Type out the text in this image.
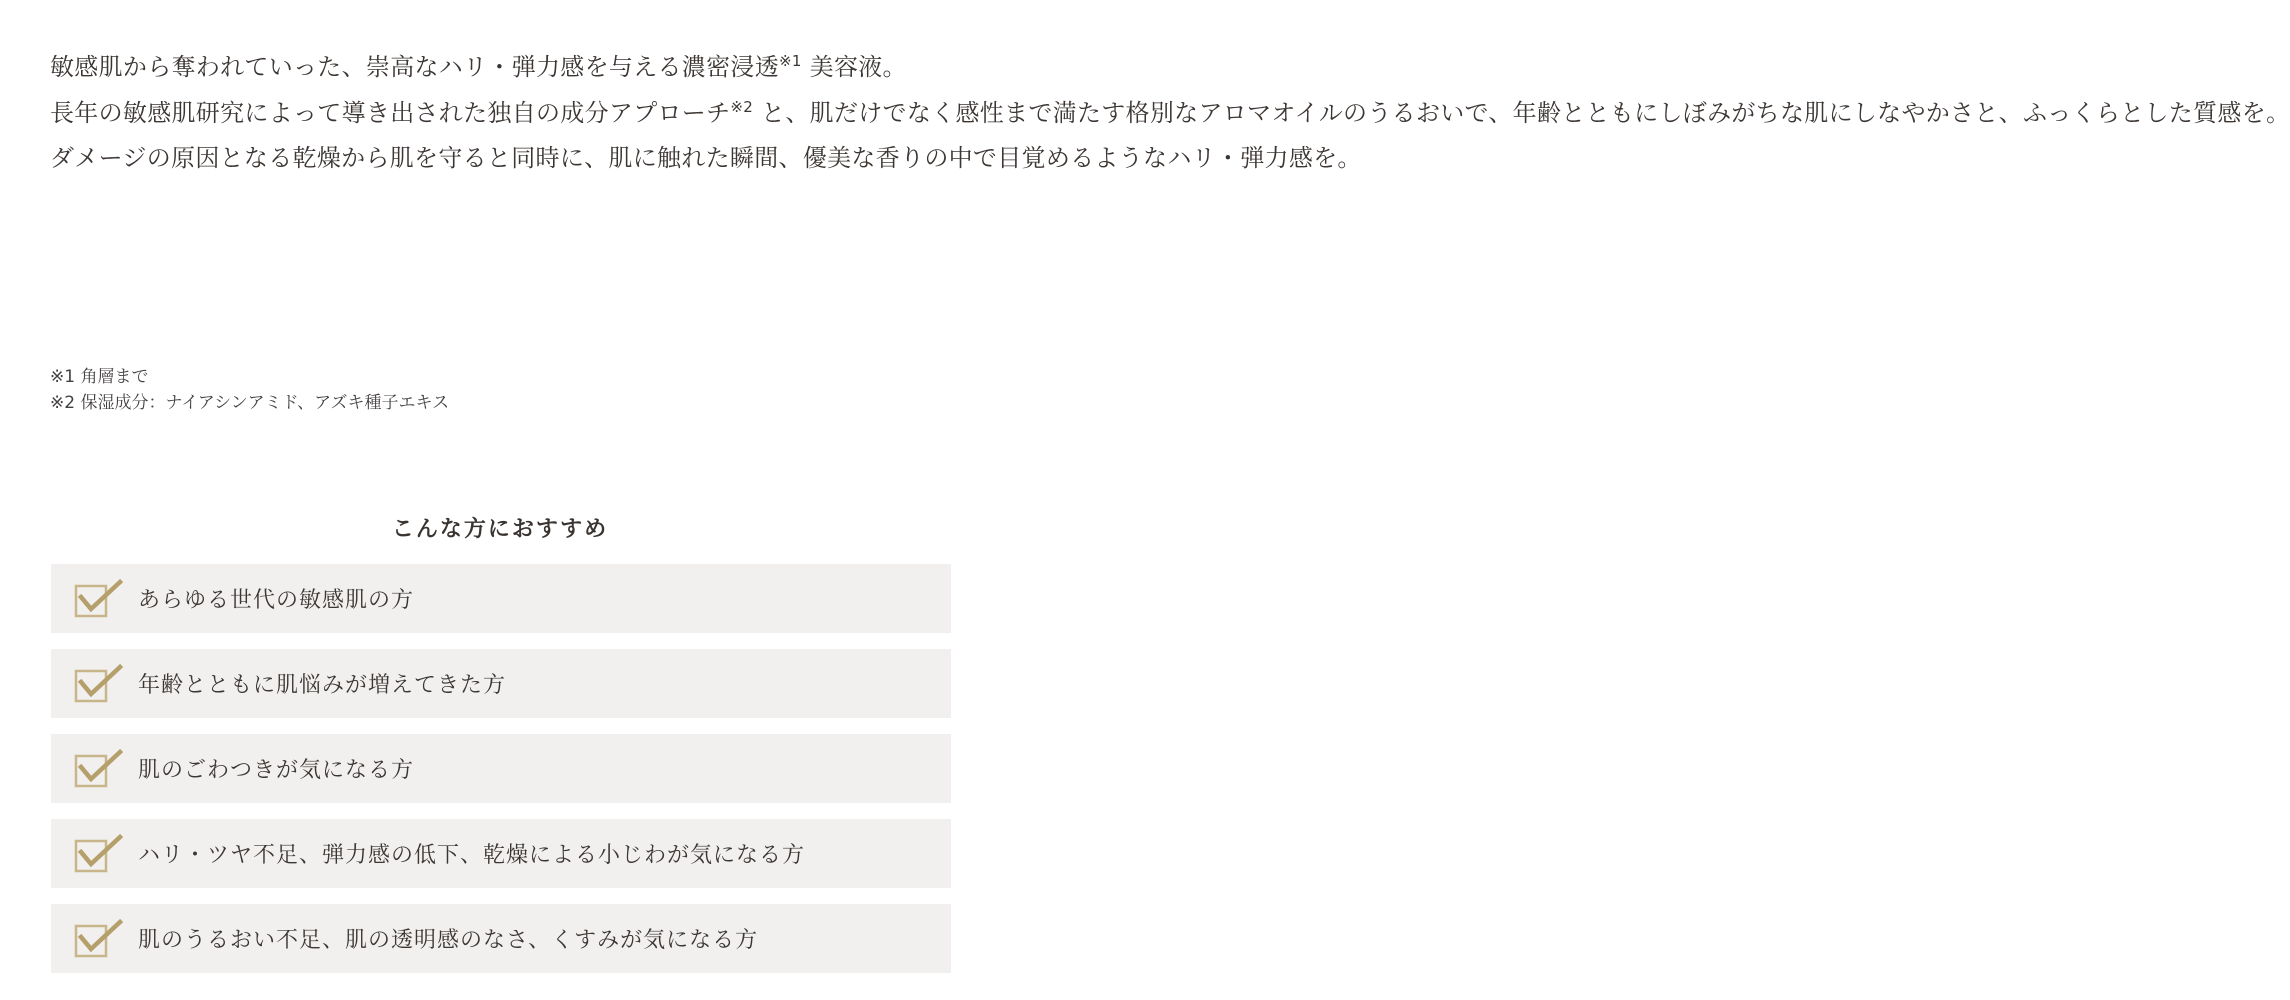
敏感肌から奪われていった、崇高なハリ・弾力感を与える濃密浸透$^{※1}$ 美容液。

長年の敏感肌研究によって導き出された独自の成分アプローチ$^{※2}$ と、肌だけでなく感性まで満たす格別なアロマオイルのうるおいで、年齢とともにしぼみがちな肌にしなやかさと、ふっくらとした質感を。

ダメージの原因となる乾燥から肌を守ると同時に、肌に触れた瞬間、優美な香りの中で目覚めるようなハリ・弾力感を。

※1 角層まで
※2 保湿成分：ナイアシンアミド、アズキ種子エキス
こんな方におすすめ
あらゆる世代の敏感肌の方
年齢とともに肌悩みが増えてきた方
肌のごわつきが気になる方
ハリ・ツヤ不足、弾力感の低下、乾燥による小じわが気になる方
肌のうるおい不足、肌の透明感のなさ、くすみが気になる方
